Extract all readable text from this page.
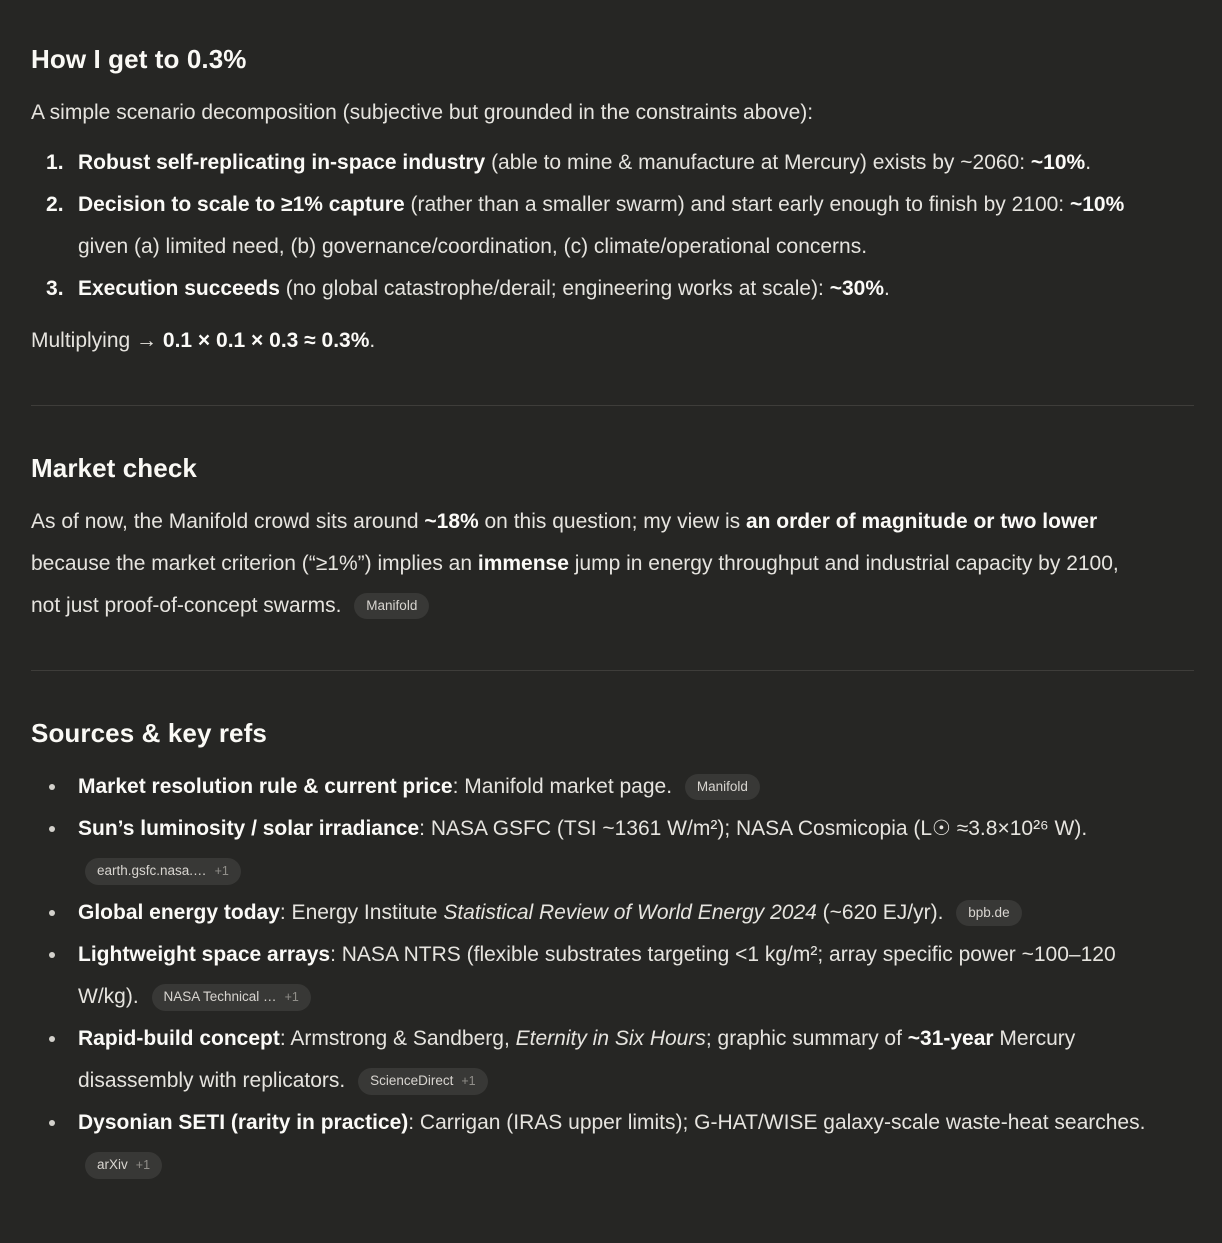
How I get to 0.3%

A simple scenario decomposition (subjective but grounded in the constraints above):

Robust self-replicating in-space industry (able to mine & manufacture at Mercury) exists by ~2060: ~10%.
Decision to scale to ≥1% capture (rather than a smaller swarm) and start early enough to finish by 2100: ~10% given (a) limited need, (b) governance/coordination, (c) climate/operational concerns.
Execution succeeds (no global catastrophe/derail; engineering works at scale): ~30%.

Multiplying → 0.1 × 0.1 × 0.3 ≈ 0.3%.

Market check

As of now, the Manifold crowd sits around ~18% on this question; my view is an order of magnitude or two lower because the market criterion (“≥1%”) implies an immense jump in energy throughput and industrial capacity by 2100, not just proof-of-concept swarms. Manifold

Sources & key refs
Market resolution rule & current price: Manifold market page. Manifold
Sun’s luminosity / solar irradiance: NASA GSFC (TSI ~1361 W/m²); NASA Cosmicopia (L☉ ≈3.8×10²⁶ W).
earth.gsfc.nasa.… +1
Global energy today: Energy Institute Statistical Review of World Energy 2024 (~620 EJ/yr). bpb.de
Lightweight space arrays: NASA NTRS (flexible substrates targeting <1 kg/m²; array specific power ~100–120 W/kg). NASA Technical … +1
Rapid-build concept: Armstrong & Sandberg, Eternity in Six Hours; graphic summary of ~31-year Mercury disassembly with replicators. ScienceDirect +1
Dysonian SETI (rarity in practice): Carrigan (IRAS upper limits); G-HAT/WISE galaxy-scale waste-heat searches.
arXiv +1
